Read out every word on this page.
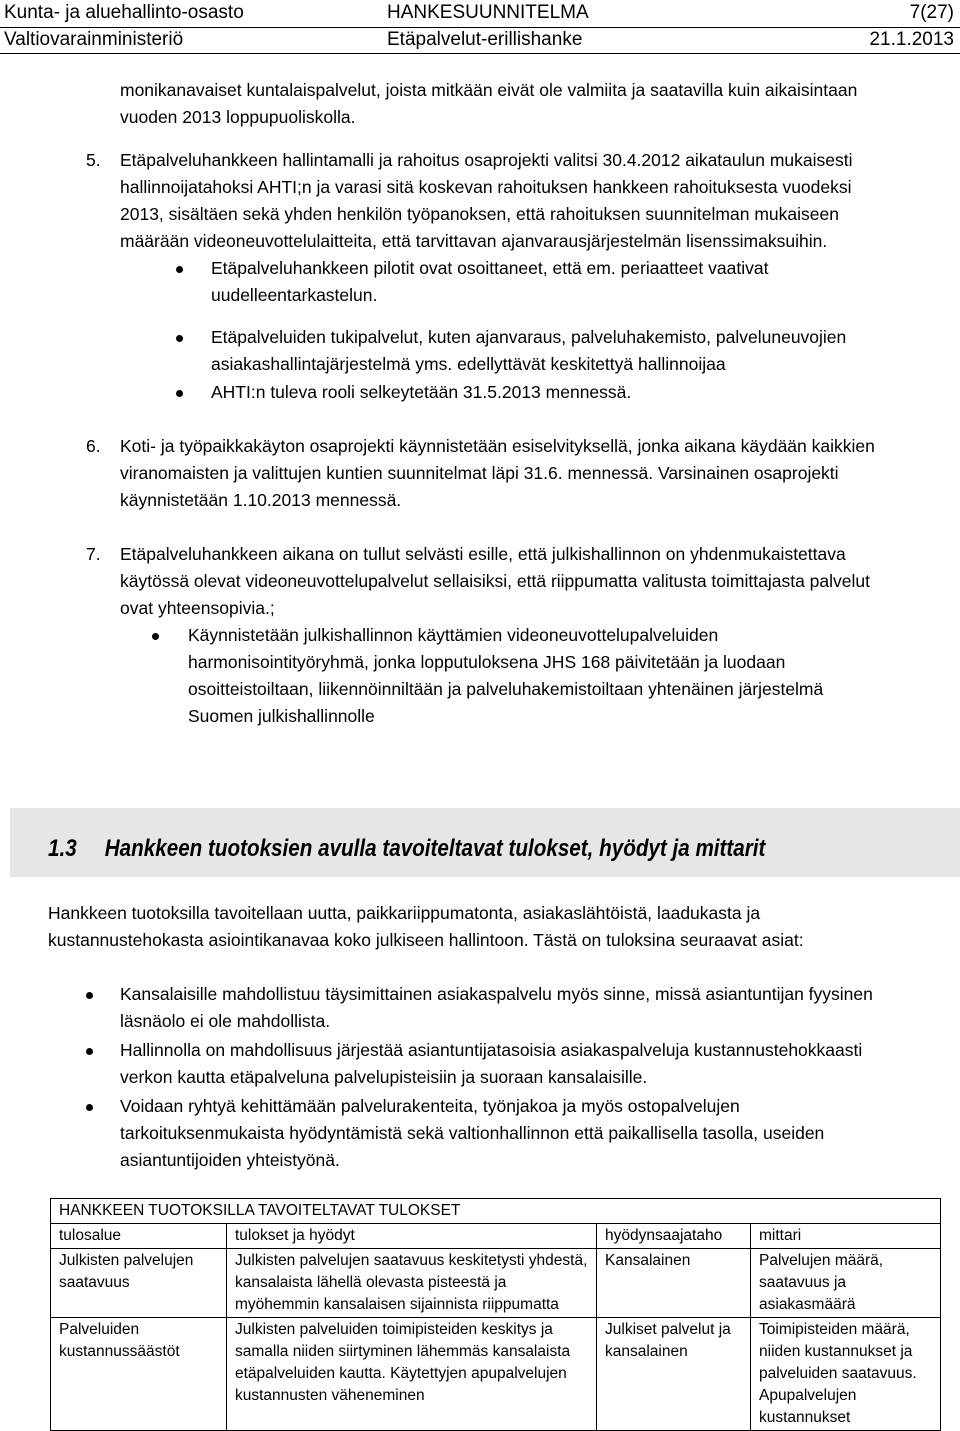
Kunta- ja aluehallinto-osasto	HANKESUUNNITELMA	7(27)
Valtiovarainministeriö	Etäpalvelut-erillishanke	21.1.2013
monikanavaiset kuntalaispalvelut, joista mitkään eivät ole valmiita ja saatavilla kuin aikaisintaan
vuoden 2013 loppupuoliskolla.
5. Etäpalveluhankkeen hallintamalli ja rahoitus osaprojekti valitsi 30.4.2012 aikataulun mukaisesti
hallinnoijatahoksi AHTI;n ja varasi sitä koskevan rahoituksen hankkeen rahoituksesta vuodeksi
2013, sisältäen sekä yhden henkilön työpanoksen, että rahoituksen suunnitelman mukaiseen
määrään videoneuvottelulaitteita, että tarvittavan ajanvarausjärjestelmän lisenssimaksuihin.
Etäpalveluhankkeen pilotit ovat osoittaneet, että em. periaatteet vaativat
uudelleentarkastelun.
Etäpalveluiden tukipalvelut, kuten ajanvaraus, palveluhakemisto, palveluneuvojien
asiakashallintajärjestelmä yms. edellyttävät keskitettyä hallinnoijaa
AHTI:n tuleva rooli selkeytetään 31.5.2013 mennessä.
6. Koti- ja työpaikkakäyton osaprojekti käynnistetään esiselvityksellä, jonka aikana käydään kaikkien
viranomaisten ja valittujen kuntien suunnitelmat läpi 31.6. mennessä. Varsinainen osaprojekti
käynnistetään 1.10.2013 mennessä.
7. Etäpalveluhankkeen aikana on tullut selvästi esille, että julkishallinnon on yhdenmukaistettava
käytössä olevat videoneuvottelupalvelut sellaisiksi, että riippumatta valitusta toimittajasta palvelut
ovat yhteensopivia.;
Käynnistetään julkishallinnon käyttämien videoneuvottelupalveluiden
harmonisointityöryhmä, jonka lopputuloksena JHS 168 päivitetään ja luodaan
osoitteistoiltaan, liikennöinniltään ja palveluhakemistoiltaan yhtenäinen järjestelmä
Suomen julkishallinnolle
1.3 Hankkeen tuotoksien avulla tavoiteltavat tulokset, hyödyt ja mittarit
Hankkeen tuotoksilla tavoitellaan uutta, paikkariippumatonta, asiakaslähtöistä, laadukasta ja
kustannustehokasta asiointikanavaa koko julkiseen hallintoon. Tästä on tuloksina seuraavat asiat:
Kansalaisille mahdollistuu täysimittainen asiakaspalvelu myös sinne, missä asiantuntijan fyysinen
läsnäolo ei ole mahdollista.
Hallinnolla on mahdollisuus järjestää asiantuntijatasoisia asiakaspalveluja kustannustehokkaasti
verkon kautta etäpalveluna palvelupisteisiin ja suoraan kansalaisille.
Voidaan ryhtyä kehittämään palvelurakenteita, työnjakoa ja myös ostopalvelujen
tarkoituksenmukaista hyödyntämistä sekä valtionhallinnon että paikallisella tasolla, useiden
asiantuntijoiden yhteistyönä.
HANKKEEN TUOTOKSILLA TAVOITELTAVAT TULOKSET			
tulosalue	tulokset ja hyödyt	hyödynsaajataho	mittari
Julkisten palvelujen saatavuus	Julkisten palvelujen saatavuus keskitetysti yhdestä, kansalaista lähellä olevasta pisteestä ja myöhemmin kansalaisen sijainnista riippumatta	Kansalainen	Palvelujen määrä, saatavuus ja asiakasmäärä
Palveluiden kustannussäästöt	Julkisten palveluiden toimipisteiden keskitys ja samalla niiden siirtyminen lähemmäs kansalaista etäpalveluiden kautta. Käytettyjen apupalvelujen kustannusten väheneminen	Julkiset palvelut ja kansalainen	Toimipisteiden määrä, niiden kustannukset ja palveluiden saatavuus. Apupalvelujen kustannukset
